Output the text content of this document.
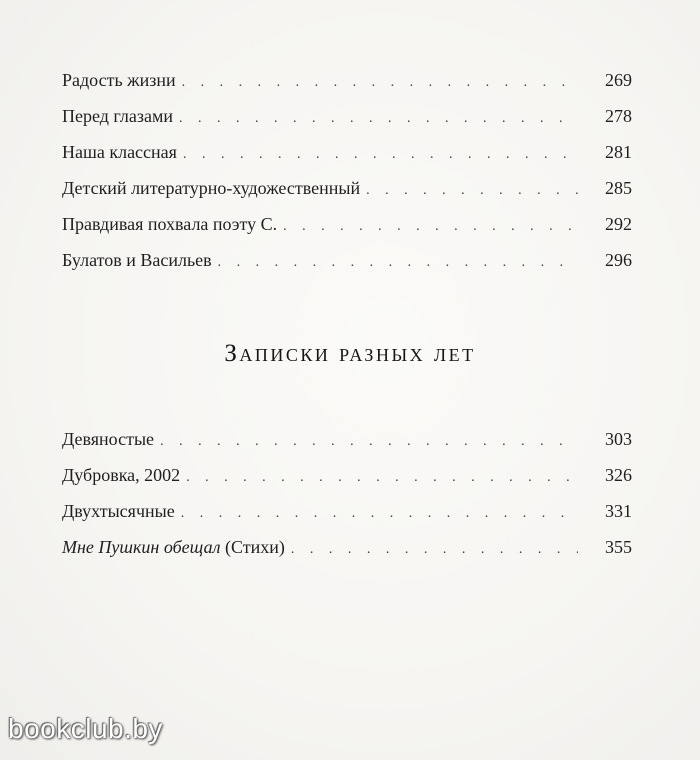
Радость жизни . . .	269
Перед глазами . . .	278
Наша классная . . .	281
Детский литературно-художественный . . .	285
Правдивая похвала поэту С. . . .	292
Булатов и Васильев . . .	296
Записки разных лет
Девяностые . . .	303
Дубровка, 2002 . . .	326
Двухтысячные . . .	331
Мне Пушкин обещал (Стихи) . . .	355
bookclub.by
